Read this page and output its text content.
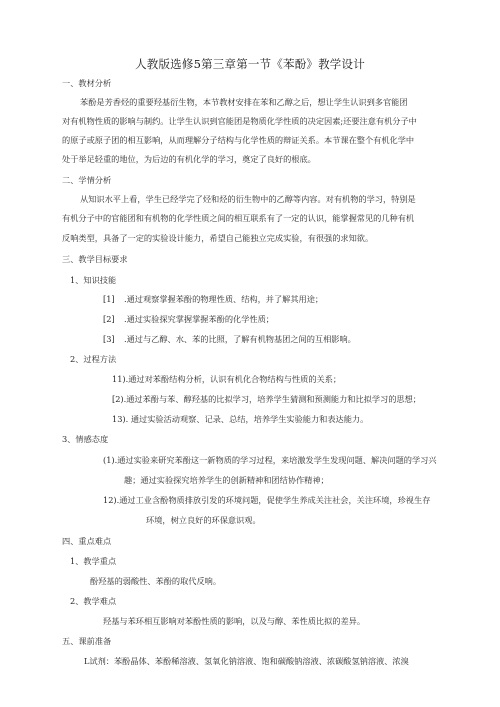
人教版选修5第三章第一节《苯酚》教学设计
一、教材分析
苯酚是芳香烃的重要羟基衍生物，本节教材安排在苯和乙醇之后，想让学生认识到多官能团
对有机物性质的影响与制约。让学生认识到官能团是物质化学性质的决定因素;还要注意有机分子中
的原子或原子团的相互影响，从而理解分子结构与化学性质的辩证关系。本节课在整个有机化学中
处于举足轻重的地位，为后边的有机化学的学习，奠定了良好的根底。
二、学情分析
从知识水平上看，学生已经学完了烃和烃的衍生物中的乙醇等内容。对有机物的学习，特别是
有机分子中的官能团和有机物的化学性质之间的相互联系有了一定的认识，能掌握常见的几种有机
反响类型，具备了一定的实验设计能力，希望自己能独立完成实验，有很强的求知欲。
三、教学目标要求
1、知识技能
[1] .通过观察掌握苯酚的物理性质、结构，并了解其用途；
[2] .通过实验探究掌握掌握苯酚的化学性质；
[3] .通过与乙醇、水、苯的比照，了解有机物基团之间的互相影响。
2、过程方法
11).通过对苯酚结构分析，认识有机化合物结构与性质的关系；
[2).通过苯酚与苯、醇羟基的比拟学习，培养学生猜测和预测能力和比拟学习的思想；
13). 通过实验活动观察、记录、总结，培养学生实验能力和表达能力。
3、情感态度
(1).通过实验来研究苯酚这一新物质的学习过程，来培激发学生发现问题、解决问题的学习兴
趣；通过实验探究培养学生的创新精神和团结协作精神；
12).通过工业含酚物质排放引发的环境问题，促使学生养成关注社会，关注环境，珍视生存
环境，树立良好的环保意识观。
四、重点难点
1、教学重点
酚羟基的弱酸性、苯酚的取代反响。
2、教学难点
羟基与苯环相互影响对苯酚性质的影响，以及与醇、苯性质比拟的差异。
五、课前准备
L试剂：苯酚晶体、苯酚稀溶液、氢氧化钠溶液、饱和碳酸钠溶液、浓碳酸氢钠溶液、浓溴
